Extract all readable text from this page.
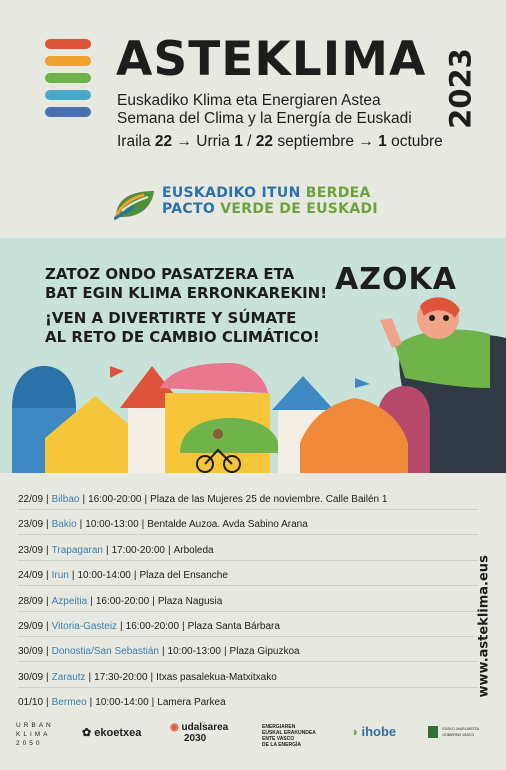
ASTEKLIMA 2023
Euskadiko Klima eta Energiaren Astea
Semana del Clima y la Energía de Euskadi
Iraila 22 → Urria 1 / 22 septiembre → 1 octubre
EUSKADIKO ITUN BERDEA
PACTO VERDE DE EUSKADI
ZATOZ ONDO PASATZERA ETA
BAT EGIN KLIMA ERRONKAREKIN!
¡VEN A DIVERTIRTE Y SÚMATE
AL RETO DE CAMBIO CLIMÁTICO!
AZOKA
22/09 | Bilbao | 16:00-20:00 | Plaza de las Mujeres 25 de noviembre. Calle Bailén 1
23/09 | Bakio | 10:00-13:00 | Bentalde Auzoa. Avda Sabino Arana
23/09 | Trapagaran | 17:00-20:00 | Arboleda
24/09 | Irun | 10:00-14:00 | Plaza del Ensanche
28/09 | Azpeitia | 16:00-20:00 | Plaza Nagusia
29/09 | Vitoria-Gasteiz | 16:00-20:00 | Plaza Santa Bárbara
30/09 | Donostia/San Sebastián | 10:00-13:00 | Plaza Gipuzkoa
30/09 | Zarautz | 17:30-20:00 | Itxas pasalekua-Matxitxako
01/10 | Bermeo | 10:00-14:00 | Lamera Parkea
www.asteklima.eus
URBAN
KLIMA
2050
✿ ekoetxea	◉ udalsarea
2030
ENERGIAREN
EUSKAL ERAKUNDEA
ENTE VASCO
DE LA ENERGÍA
◑ ihobe
	EUSKO JAURLARITZA
GOBIERNO VASCO
